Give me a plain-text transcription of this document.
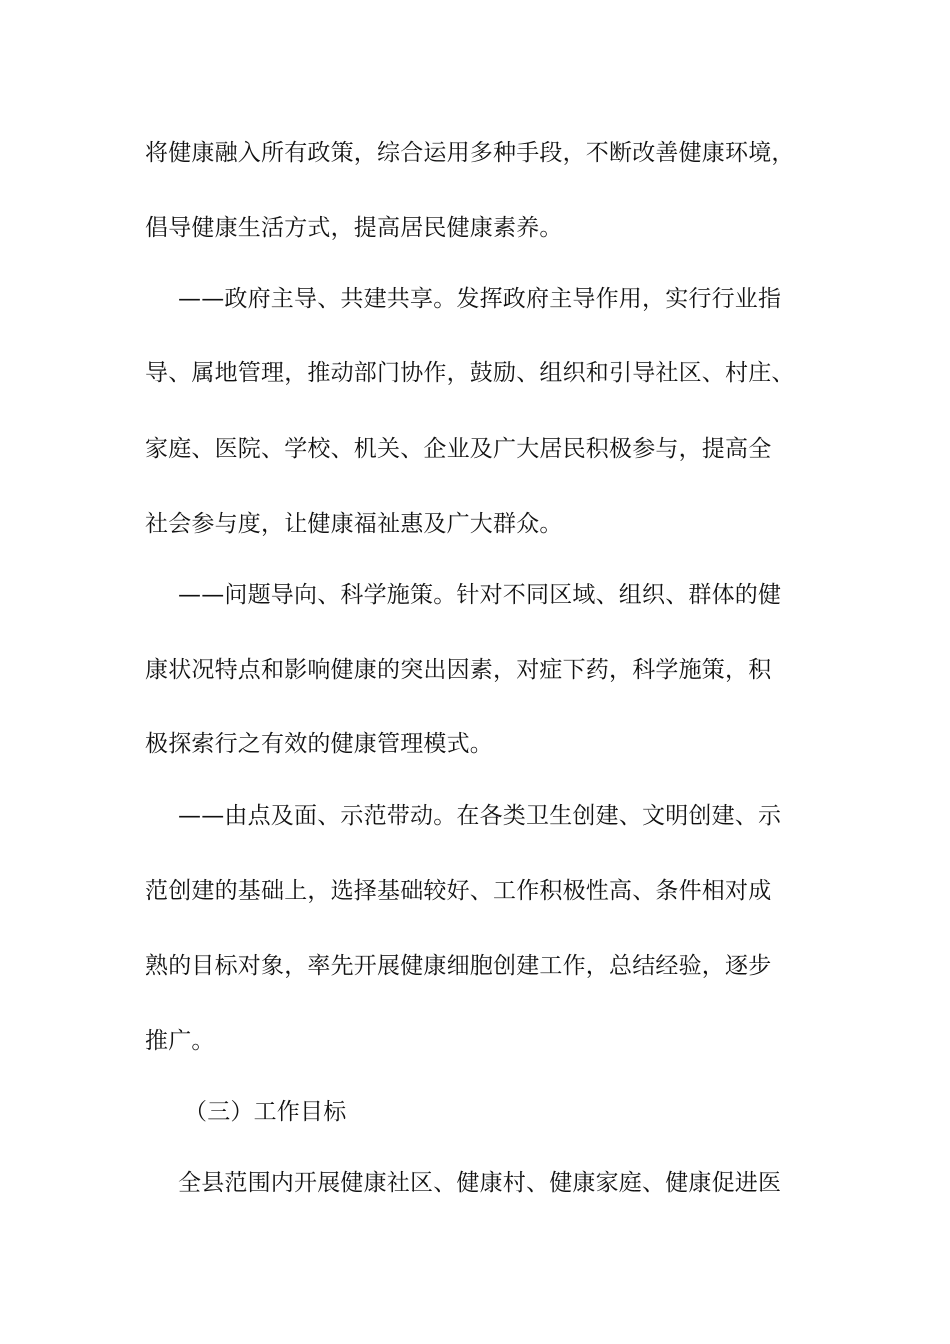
将健康融入所有政策，综合运用多种手段，不断改善健康环境，
倡导健康生活方式，提高居民健康素养。
——政府主导、共建共享。发挥政府主导作用，实行行业指
导、属地管理，推动部门协作，鼓励、组织和引导社区、村庄、
家庭、医院、学校、机关、企业及广大居民积极参与，提高全
社会参与度，让健康福祉惠及广大群众。
——问题导向、科学施策。针对不同区域、组织、群体的健
康状况特点和影响健康的突出因素，对症下药，科学施策，积
极探索行之有效的健康管理模式。
——由点及面、示范带动。在各类卫生创建、文明创建、示
范创建的基础上，选择基础较好、工作积极性高、条件相对成
熟的目标对象，率先开展健康细胞创建工作，总结经验，逐步
推广。
（三）工作目标
全县范围内开展健康社区、健康村、健康家庭、健康促进医
